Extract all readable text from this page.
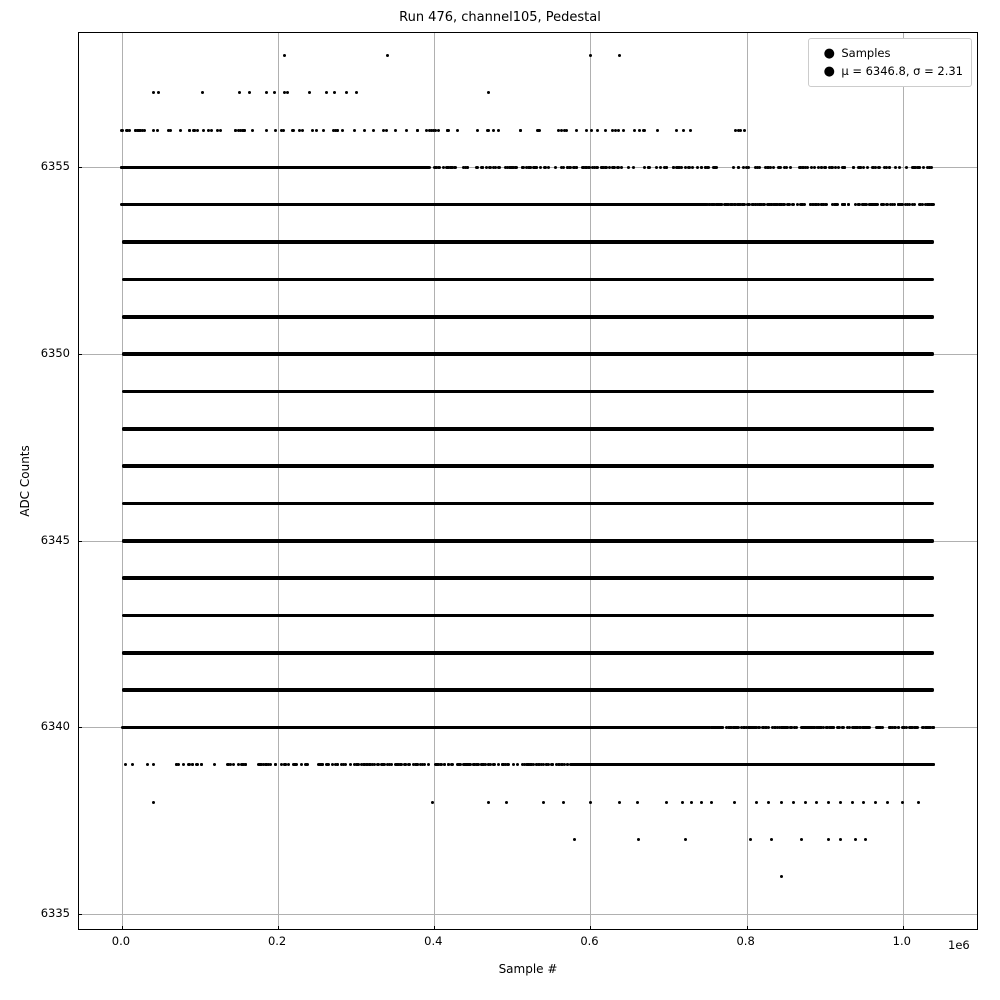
Run 476, channel105, Pedestal
● Samples
● μ = 6346.8, σ = 2.31
0.0	0.2	0.4	0.6	0.8	1.0
6335
6340
6345
6350
6355
1e6
Sample #
ADC Counts
